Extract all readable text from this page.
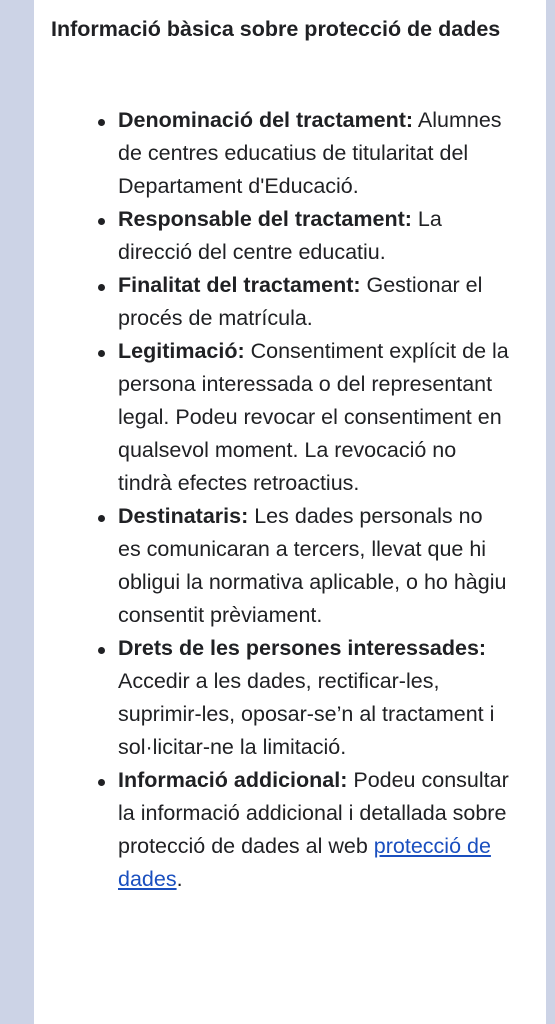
Informació bàsica sobre protecció de dades
Denominació del tractament: Alumnes de centres educatius de titularitat del Departament d'Educació.
Responsable del tractament: La direcció del centre educatiu.
Finalitat del tractament: Gestionar el procés de matrícula.
Legitimació: Consentiment explícit de la persona interessada o del representant legal. Podeu revocar el consentiment en qualsevol moment. La revocació no tindrà efectes retroactius.
Destinataris: Les dades personals no es comunicaran a tercers, llevat que hi obligui la normativa aplicable, o ho hàgiu consentit prèviament.
Drets de les persones interessades: Accedir a les dades, rectificar-les, suprimir-les, oposar-se’n al tractament i sol·licitar-ne la limitació.
Informació addicional: Podeu consultar la informació addicional i detallada sobre protecció de dades al web protecció de dades.
